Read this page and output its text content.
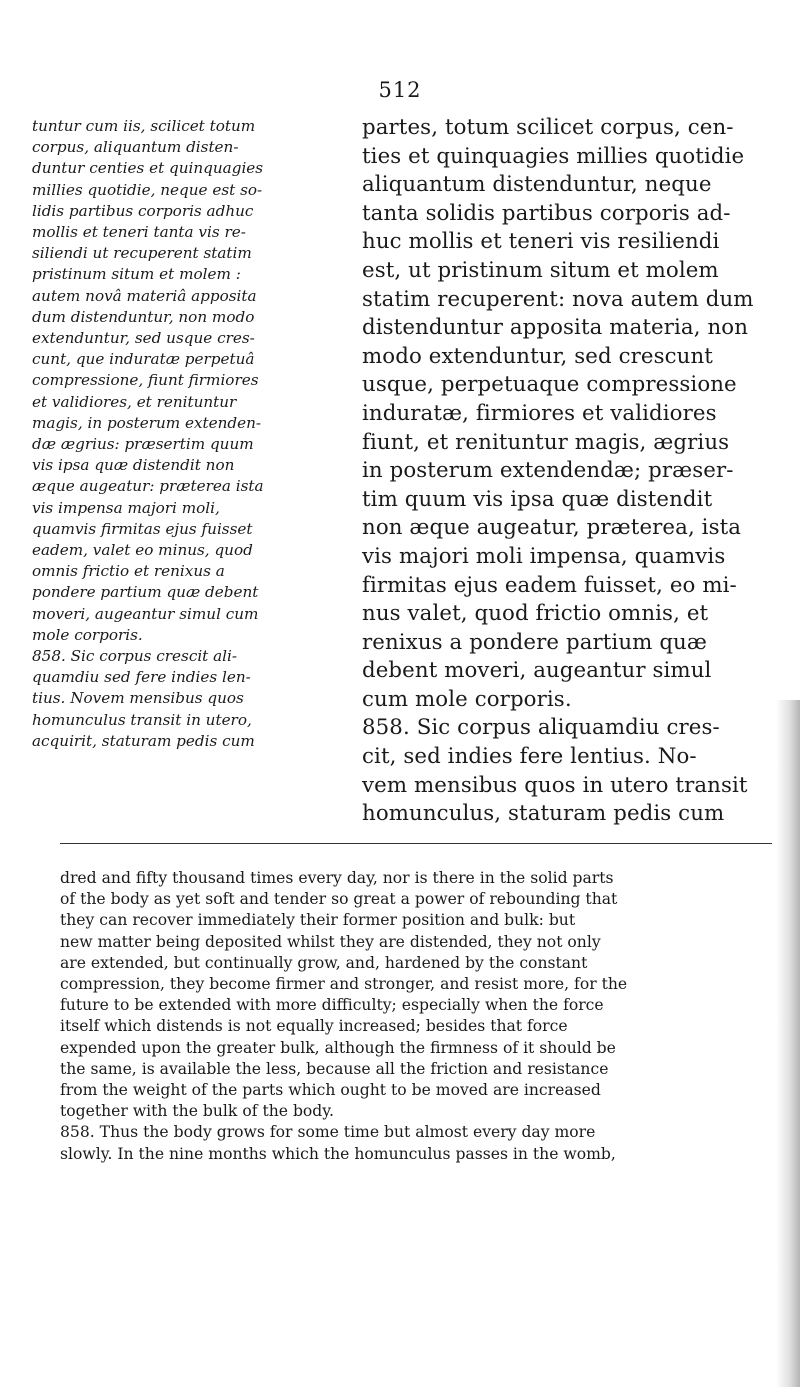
512
tuntur cum iis, scilicet totum
corpus, aliquantum disten-
duntur centies et quinquagies
millies quotidie, neque est so-
lidis partibus corporis adhuc
mollis et teneri tanta vis re-
siliendi ut recuperent statim
pristinum situm et molem :
autem novâ materiâ apposita
dum distenduntur, non modo
extenduntur, sed usque cres-
cunt, que induratæ perpetuâ
compressione, fiunt firmiores
et validiores, et renituntur
magis, in posterum extenden-
dæ ægrius: præsertim quum
vis ipsa quæ distendit non
æque augeatur: præterea ista
vis impensa majori moli,
quamvis firmitas ejus fuisset
eadem, valet eo minus, quod
omnis frictio et renixus a
pondere partium quæ debent
moveri, augeantur simul cum
mole corporis.
858. Sic corpus crescit ali-
quamdiu sed fere indies len-
tius. Novem mensibus quos
homunculus transit in utero,
acquirit, staturam pedis cum
partes, totum scilicet corpus, cen-
ties et quinquagies millies quotidie
aliquantum distenduntur, neque
tanta solidis partibus corporis ad-
huc mollis et teneri vis resiliendi
est, ut pristinum situm et molem
statim recuperent: nova autem dum
distenduntur apposita materia, non
modo extenduntur, sed crescunt
usque, perpetuaque compressione
induratæ, firmiores et validiores
fiunt, et renituntur magis, ægrius
in posterum extendendæ; præser-
tim quum vis ipsa quæ distendit
non æque augeatur, præterea, ista
vis majori moli impensa, quamvis
firmitas ejus eadem fuisset, eo mi-
nus valet, quod frictio omnis, et
renixus a pondere partium quæ
debent moveri, augeantur simul
cum mole corporis.
858. Sic corpus aliquamdiu cres-
cit, sed indies fere lentius. No-
vem mensibus quos in utero transit
homunculus, staturam pedis cum
dred and fifty thousand times every day, nor is there in the solid parts
of the body as yet soft and tender so great a power of rebounding that
they can recover immediately their former position and bulk: but
new matter being deposited whilst they are distended, they not only
are extended, but continually grow, and, hardened by the constant
compression, they become firmer and stronger, and resist more, for the
future to be extended with more difficulty; especially when the force
itself which distends is not equally increased; besides that force
expended upon the greater bulk, although the firmness of it should be
the same, is available the less, because all the friction and resistance
from the weight of the parts which ought to be moved are increased
together with the bulk of the body.
858. Thus the body grows for some time but almost every day more
slowly. In the nine months which the homunculus passes in the womb,
